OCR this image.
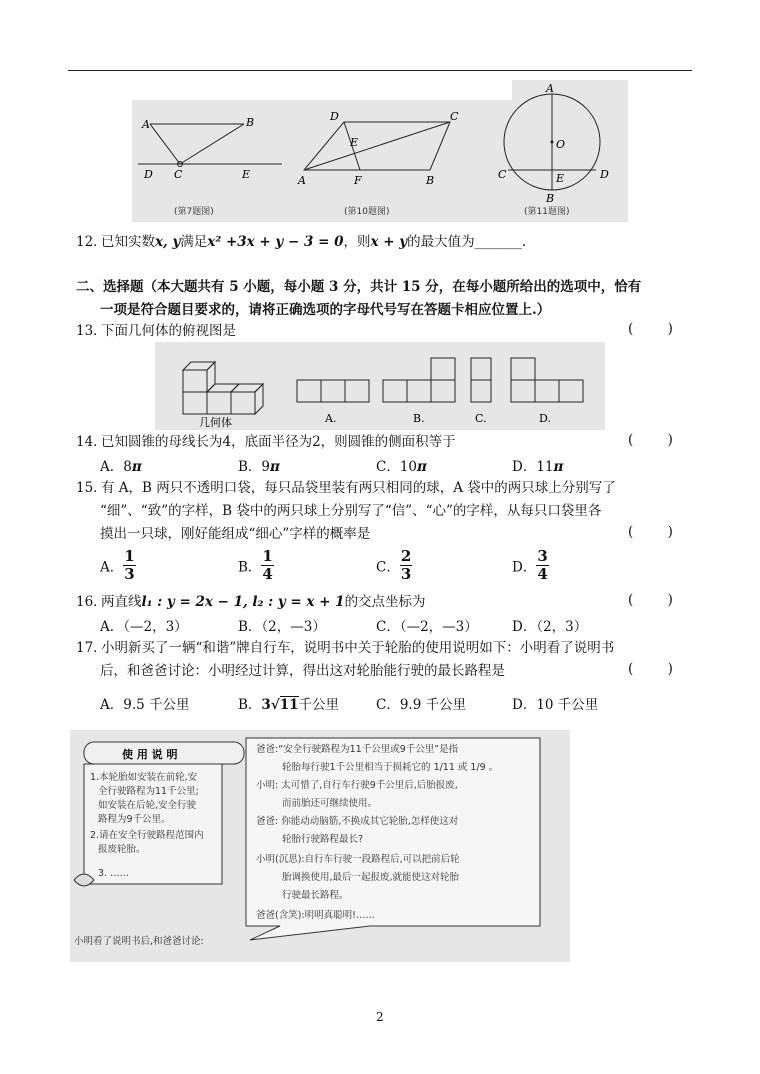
A	B
D C	E
(第7题图)
D	C
E
A	F	B
(第10题图)
A
O
C	E	D
B
(第11题图)
12．已知实数x, y满足x² +3x + y − 3 = 0，则x + y的最大值为_______.
二、选择题（本大题共有 5 小题，每小题 3 分，共计 15 分，在每小题所给出的选项中，恰有
一项是符合题目要求的，请将正确选项的字母代号写在答题卡相应位置上.）
13．下面几何体的俯视图是	(        )
几何体	A.	B.	C.	D.
14．已知圆锥的母线长为4，底面半径为2，则圆锥的侧面积等于	(        )
A．8π	B．9π	C．10π	D．11π
15．有 A，B 两只不透明口袋，每只品袋里装有两只相同的球，A 袋中的两只球上分别写了
“细”、“致”的字样，B 袋中的两只球上分别写了“信”、“心”的字样，从每只口袋里各
摸出一只球，刚好能组成“细心”字样的概率是	(        )
A． $\frac{1}{3}$	B． $\frac{1}{4}$	C． $\frac{2}{3}$	D． $\frac{3}{4}$
16．两直线l₁ : y = 2x − 1, l₂ : y = x + 1的交点坐标为	(        )
A．（—2，3）	B．（2，—3）	C．（—2，—3）	D．（2，3）
17．小明新买了一辆“和谐”牌自行车，说明书中关于轮胎的使用说明如下：小明看了说明书
后，和爸爸讨论：小明经过计算，得出这对轮胎能行驶的最长路程是	(        )
A．9.5 千公里	B．3√11千公里	C．9.9 千公里	D．10 千公里
使 用 说 明
1.本轮胎如安装在前轮,安
全行驶路程为11千公里;
如安装在后轮,安全行驶
路程为9千公里。
2.请在安全行驶路程范围内
报废轮胎。
3. ……
爸爸:“安全行驶路程为11千公里或9千公里”是指
轮胎每行驶1千公里相当于损耗它的 1/11 或 1/9 。
小明: 太可惜了,自行车行驶9千公里后,后胎报废,
而前胎还可继续使用。
爸爸: 你能动动脑筋,不换成其它轮胎,怎样使这对
轮胎行驶路程最长?
小明(沉思):自行车行驶一段路程后,可以把前后轮
胎调换使用,最后一起报废,就能使这对轮胎
行驶最长路程。
爸爸(含笑):明明真聪明!……
小明看了说明书后,和爸爸讨论:
2
